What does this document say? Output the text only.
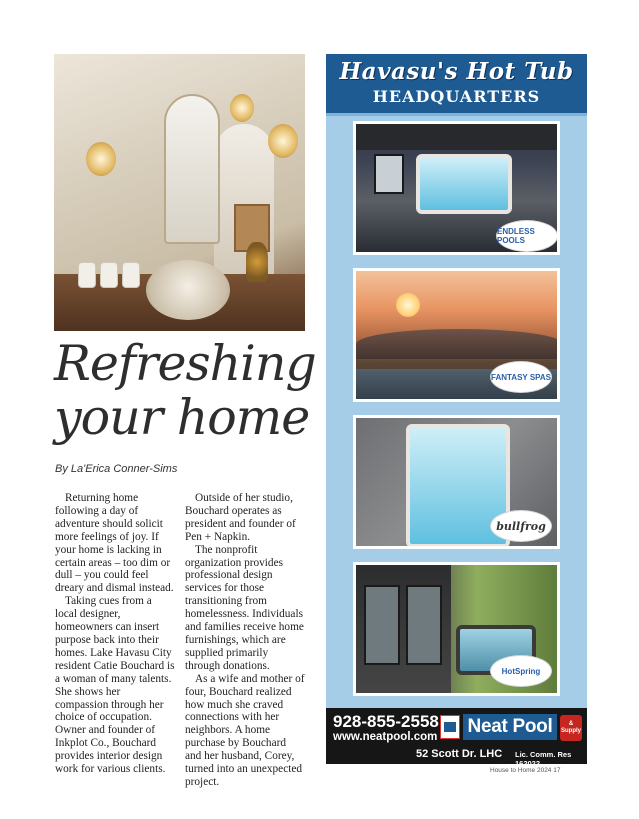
Refreshing
your home
By La'Erica Conner-Sims

Returning home following a day of adventure should solicit more feelings of joy. If your home is lacking in certain areas – too dim or dull – you could feel dreary and dismal instead.

Taking cues from a local designer, homeowners can insert purpose back into their homes. Lake Havasu City resident Catie Bouchard is a woman of many talents. She shows her compassion through her choice of occupation. Owner and founder of Inkplot Co., Bouchard provides interior design work for various clients.

Outside of her studio, Bouchard operates as president and founder of Pen + Napkin.

The nonprofit organization provides professional design services for those transitioning from homelessness. Individuals and families receive home furnishings, which are supplied primarily through donations.

As a wife and mother of four, Bouchard realized how much she craved connections with her neighbors. A home purchase by Bouchard and her husband, Corey, turned into an unexpected project.

Havasu's Hot Tub
HEADQUARTERS
ENDLESS POOLS
FANTASY SPAS
bullfrog
HotSpring
928-855-2558
www.neatpool.com Neat Pool	& Supply
52 Scott Dr. LHC Lic. Comm. Res 162022
House to Home 2024 17
